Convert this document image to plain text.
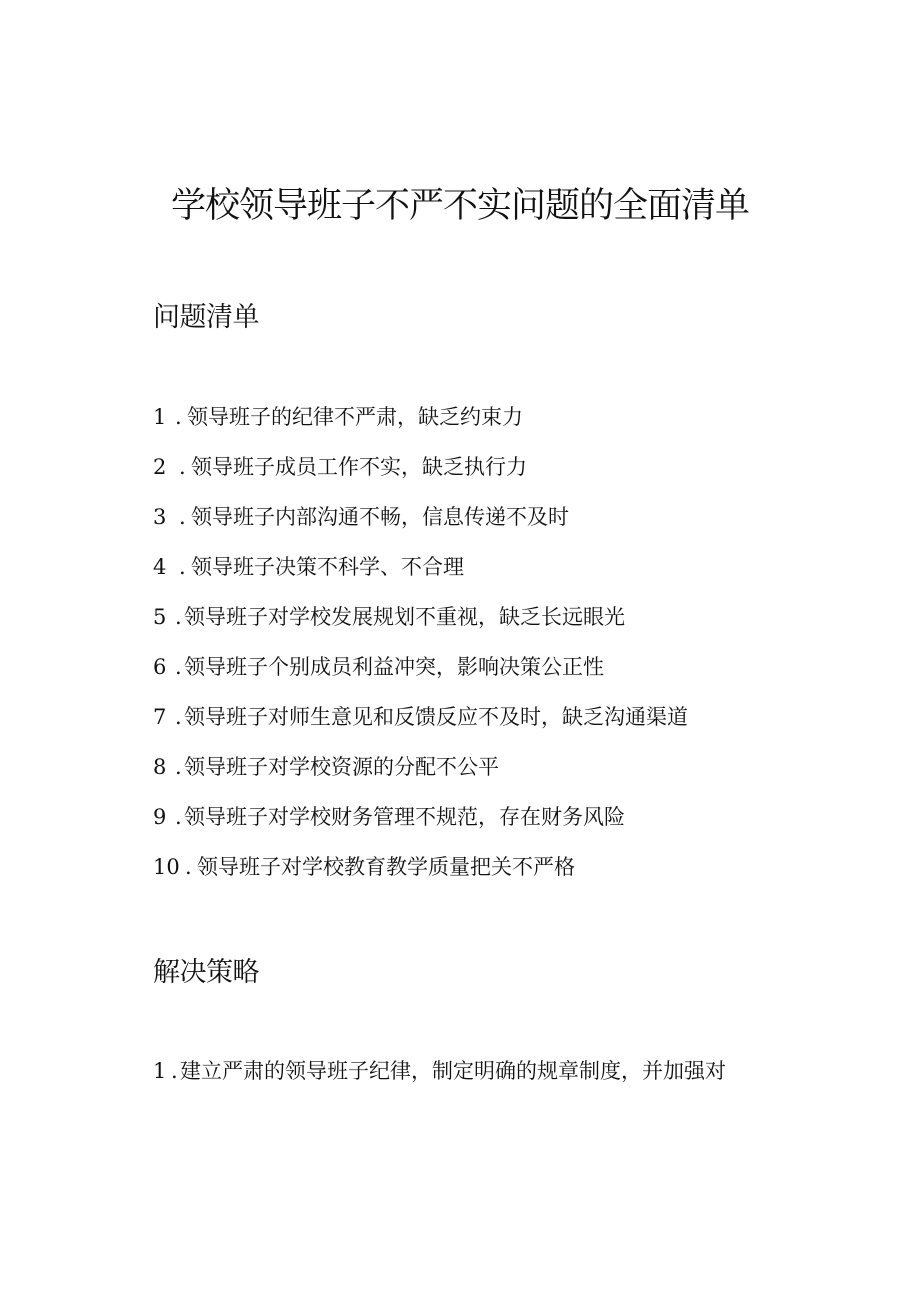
学校领导班子不严不实问题的全面清单
问题清单
1 . 领导班子的纪律不严肃，缺乏约束力
2 . 领导班子成员工作不实，缺乏执行力
3 . 领导班子内部沟通不畅，信息传递不及时
4 . 领导班子决策不科学、不合理
5 . 领导班子对学校发展规划不重视，缺乏长远眼光
6 . 领导班子个别成员利益冲突，影响决策公正性
7 . 领导班子对师生意见和反馈反应不及时，缺乏沟通渠道
8 . 领导班子对学校资源的分配不公平
9 . 领导班子对学校财务管理不规范，存在财务风险
10 . 领导班子对学校教育教学质量把关不严格
解决策略
1 . 建立严肃的领导班子纪律，制定明确的规章制度，并加强对
